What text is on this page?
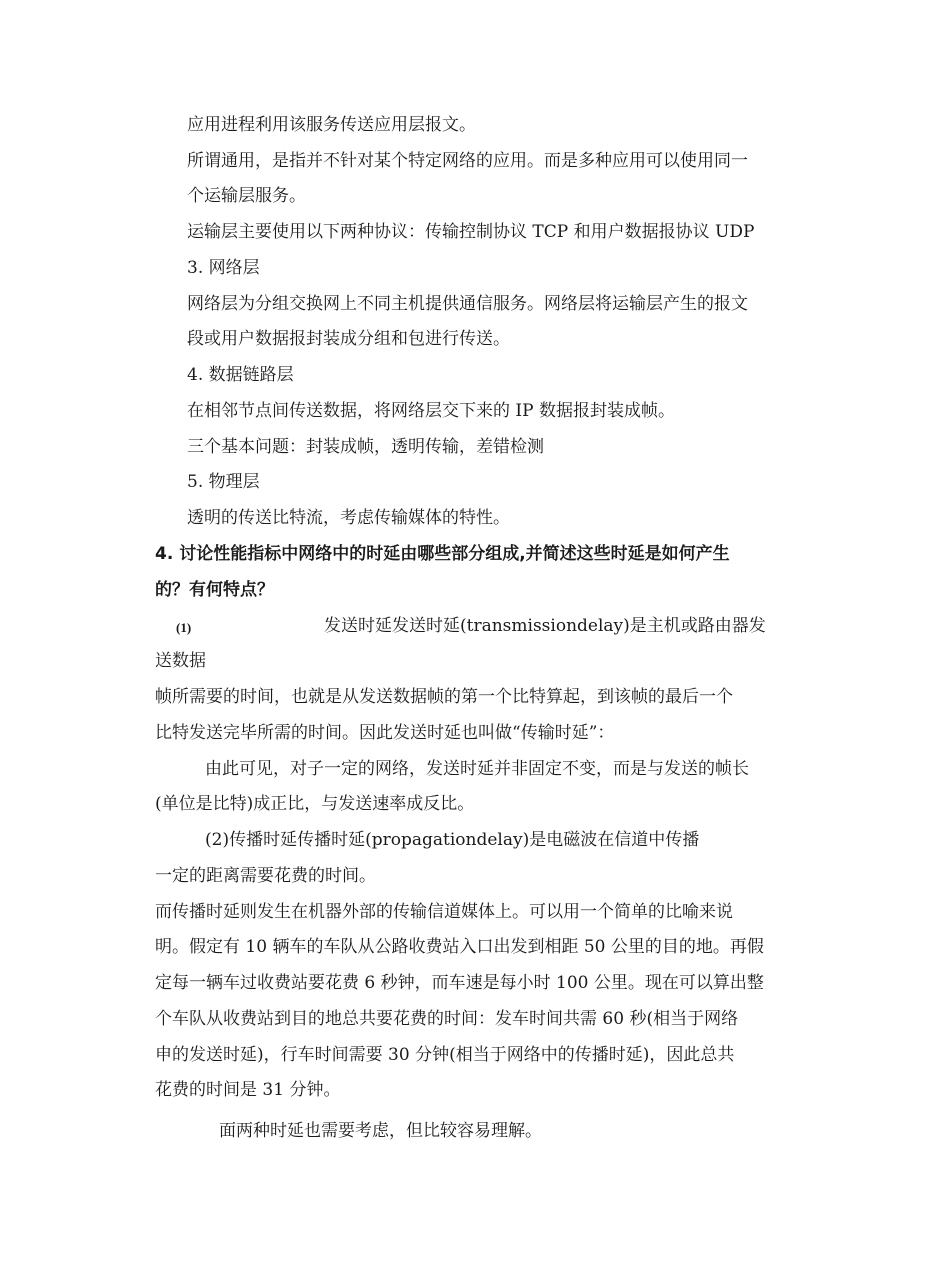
应用进程利用该服务传送应用层报文。
所谓通用，是指并不针对某个特定网络的应用。而是多种应用可以使用同一
个运输层服务。
运输层主要使用以下两种协议：传输控制协议 TCP 和用户数据报协议 UDP
3. 网络层
网络层为分组交换网上不同主机提供通信服务。网络层将运输层产生的报文
段或用户数据报封装成分组和包进行传送。
4. 数据链路层
在相邻节点间传送数据，将网络层交下来的 IP 数据报封装成帧。
三个基本问题：封装成帧，透明传输，差错检测
5. 物理层
透明的传送比特流，考虑传输媒体的特性。
4. 讨论性能指标中网络中的时延由哪些部分组成,并简述这些时延是如何产生
的？有何特点？
(1)	发送时延发送时延(transmissiondelay)是主机或路由器发
送数据
帧所需要的时间，也就是从发送数据帧的第一个比特算起，到该帧的最后一个
比特发送完毕所需的时间。因此发送时延也叫做“传输时延”：
由此可见，对子一定的网络，发送时延并非固定不变，而是与发送的帧长
(单位是比特)成正比，与发送速率成反比。
(2)传播时延传播时延(propagationdelay)是电磁波在信道中传播
一定的距离需要花费的时间。
而传播时延则发生在机器外部的传输信道媒体上。可以用一个简单的比喻来说
明。假定有 10 辆车的车队从公路收费站入口出发到相距 50 公里的目的地。再假
定每一辆车过收费站要花费 6 秒钟，而车速是每小时 100 公里。现在可以算出整
个车队从收费站到目的地总共要花费的时间：发车时间共需 60 秒(相当于网络
申的发送时延)，行车时间需要 30 分钟(相当于网络中的传播时延)，因此总共
花费的时间是 31 分钟。
面两种时延也需要考虑，但比较容易理解。
